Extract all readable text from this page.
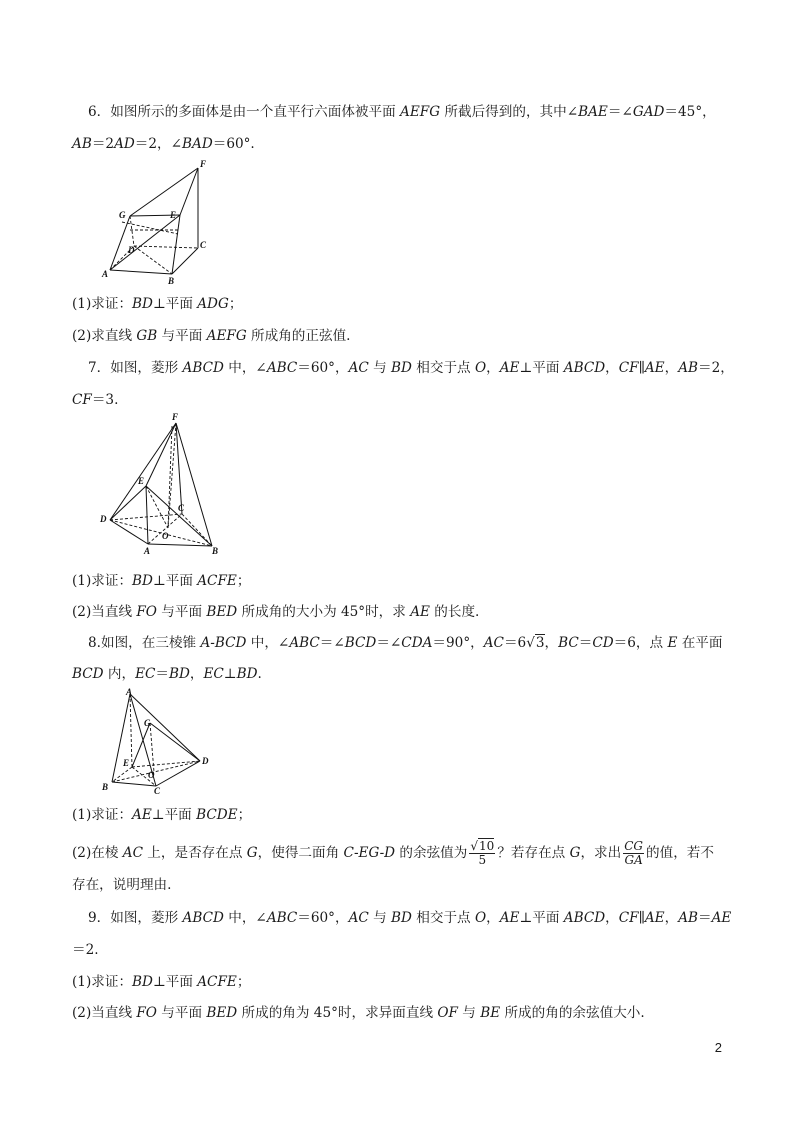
6．如图所示的多面体是由一个直平行六面体被平面 AEFG 所截后得到的，其中∠BAE＝∠GAD＝45°，
AB＝2AD＝2，∠BAD＝60°.
F
G	E
C
D
A
B
(1)求证：BD⊥平面 ADG；
(2)求直线 GB 与平面 AEFG 所成角的正弦值.
7．如图，菱形 ABCD 中，∠ABC＝60°，AC 与 BD 相交于点 O，AE⊥平面 ABCD，CF∥AE，AB＝2，
CF＝3.
F
E
C
D
O
A	B
(1)求证：BD⊥平面 ACFE；
(2)当直线 FO 与平面 BED 所成角的大小为 45°时，求 AE 的长度.
8.如图，在三棱锥 A-BCD 中，∠ABC＝∠BCD＝∠CDA＝90°，AC＝6√3，BC＝CD＝6，点 E 在平面
BCD 内，EC＝BD，EC⊥BD.
A
G
E	D
O
B	C
(1)求证：AE⊥平面 BCDE；
(2)在棱 AC 上，是否存在点 G，使得二面角 C-EG-D 的余弦值为 $\frac{√10}{5}$ ？若存在点 G，求出 $\frac{CG}{GA}$ 的值，若不
存在，说明理由.
9．如图，菱形 ABCD 中，∠ABC＝60°，AC 与 BD 相交于点 O，AE⊥平面 ABCD，CF∥AE，AB＝AE
＝2.
(1)求证：BD⊥平面 ACFE；
(2)当直线 FO 与平面 BED 所成的角为 45°时，求异面直线 OF 与 BE 所成的角的余弦值大小.
2
